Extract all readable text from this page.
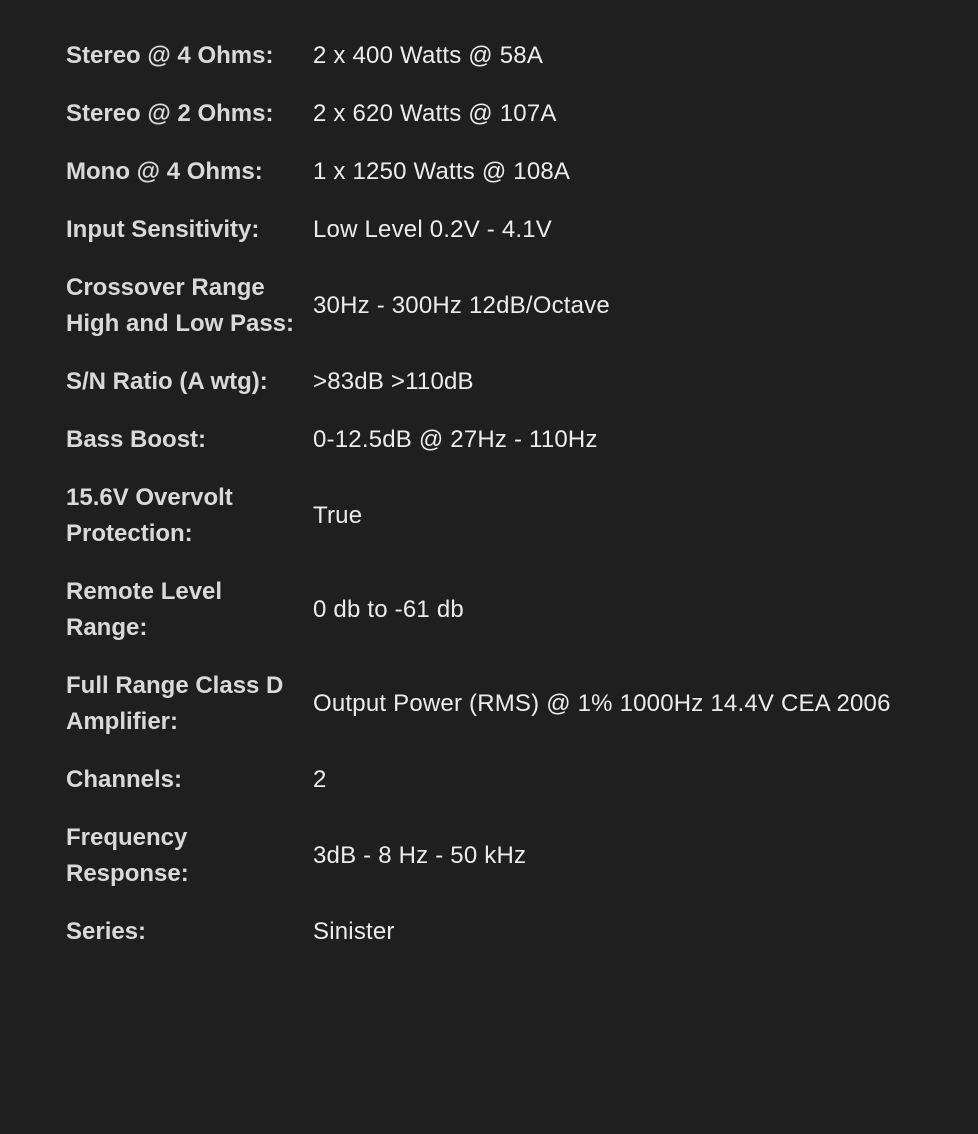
Stereo @ 4 Ohms:	2 x 400 Watts @ 58A
Stereo @ 2 Ohms:	2 x 620 Watts @ 107A
Mono @ 4 Ohms:	1 x 1250 Watts @ 108A
Input Sensitivity:	Low Level 0.2V - 4.1V
Crossover Range High and Low Pass:	30Hz - 300Hz 12dB/Octave
S/N Ratio (A wtg):	>83dB >110dB
Bass Boost:	0-12.5dB @ 27Hz - 110Hz
15.6V Overvolt Protection:	True
Remote Level Range:	0 db to -61 db
Full Range Class D Amplifier:	Output Power (RMS) @ 1% 1000Hz 14.4V CEA 2006
Channels:	2
Frequency Response:	3dB - 8 Hz - 50 kHz
Series:	Sinister
